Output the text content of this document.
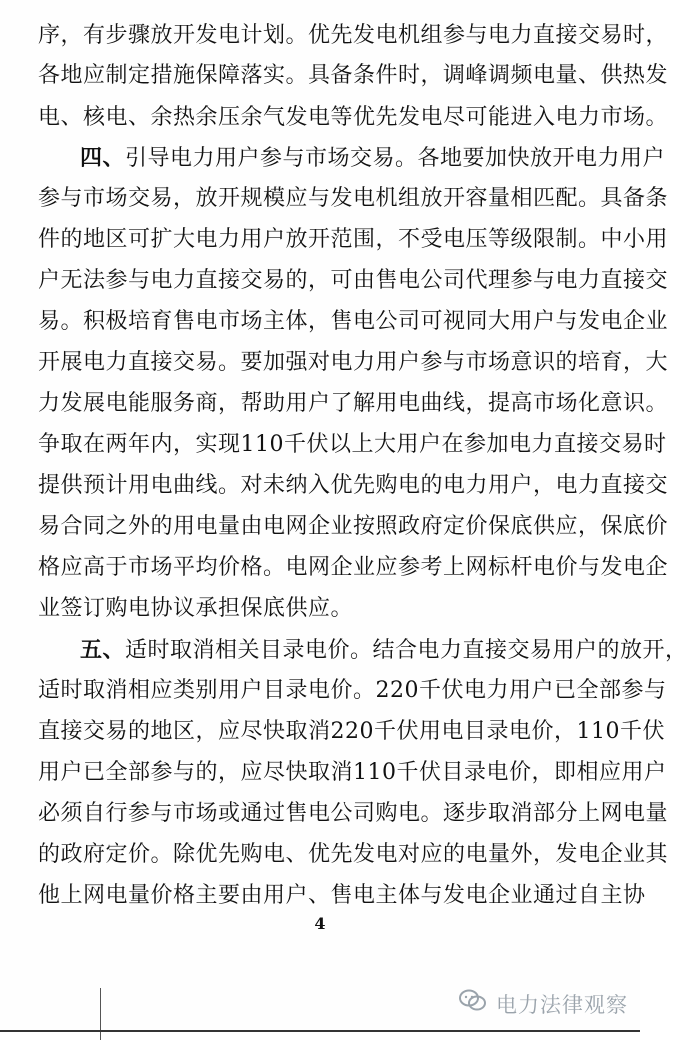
序，有步骤放开发电计划。优先发电机组参与电力直接交易时，
各地应制定措施保障落实。具备条件时，调峰调频电量、供热发
电、核电、余热余压余气发电等优先发电尽可能进入电力市场。
四、引导电力用户参与市场交易。各地要加快放开电力用户
参与市场交易，放开规模应与发电机组放开容量相匹配。具备条
件的地区可扩大电力用户放开范围，不受电压等级限制。中小用
户无法参与电力直接交易的，可由售电公司代理参与电力直接交
易。积极培育售电市场主体，售电公司可视同大用户与发电企业
开展电力直接交易。要加强对电力用户参与市场意识的培育，大
力发展电能服务商，帮助用户了解用电曲线，提高市场化意识。
争取在两年内，实现110千伏以上大用户在参加电力直接交易时
提供预计用电曲线。对未纳入优先购电的电力用户，电力直接交
易合同之外的用电量由电网企业按照政府定价保底供应，保底价
格应高于市场平均价格。电网企业应参考上网标杆电价与发电企
业签订购电协议承担保底供应。
五、适时取消相关目录电价。结合电力直接交易用户的放开，
适时取消相应类别用户目录电价。220千伏电力用户已全部参与
直接交易的地区，应尽快取消220千伏用电目录电价，110千伏
用户已全部参与的，应尽快取消110千伏目录电价，即相应用户
必须自行参与市场或通过售电公司购电。逐步取消部分上网电量
的政府定价。除优先购电、优先发电对应的电量外，发电企业其
他上网电量价格主要由用户、售电主体与发电企业通过自主协
4
电力法律观察
